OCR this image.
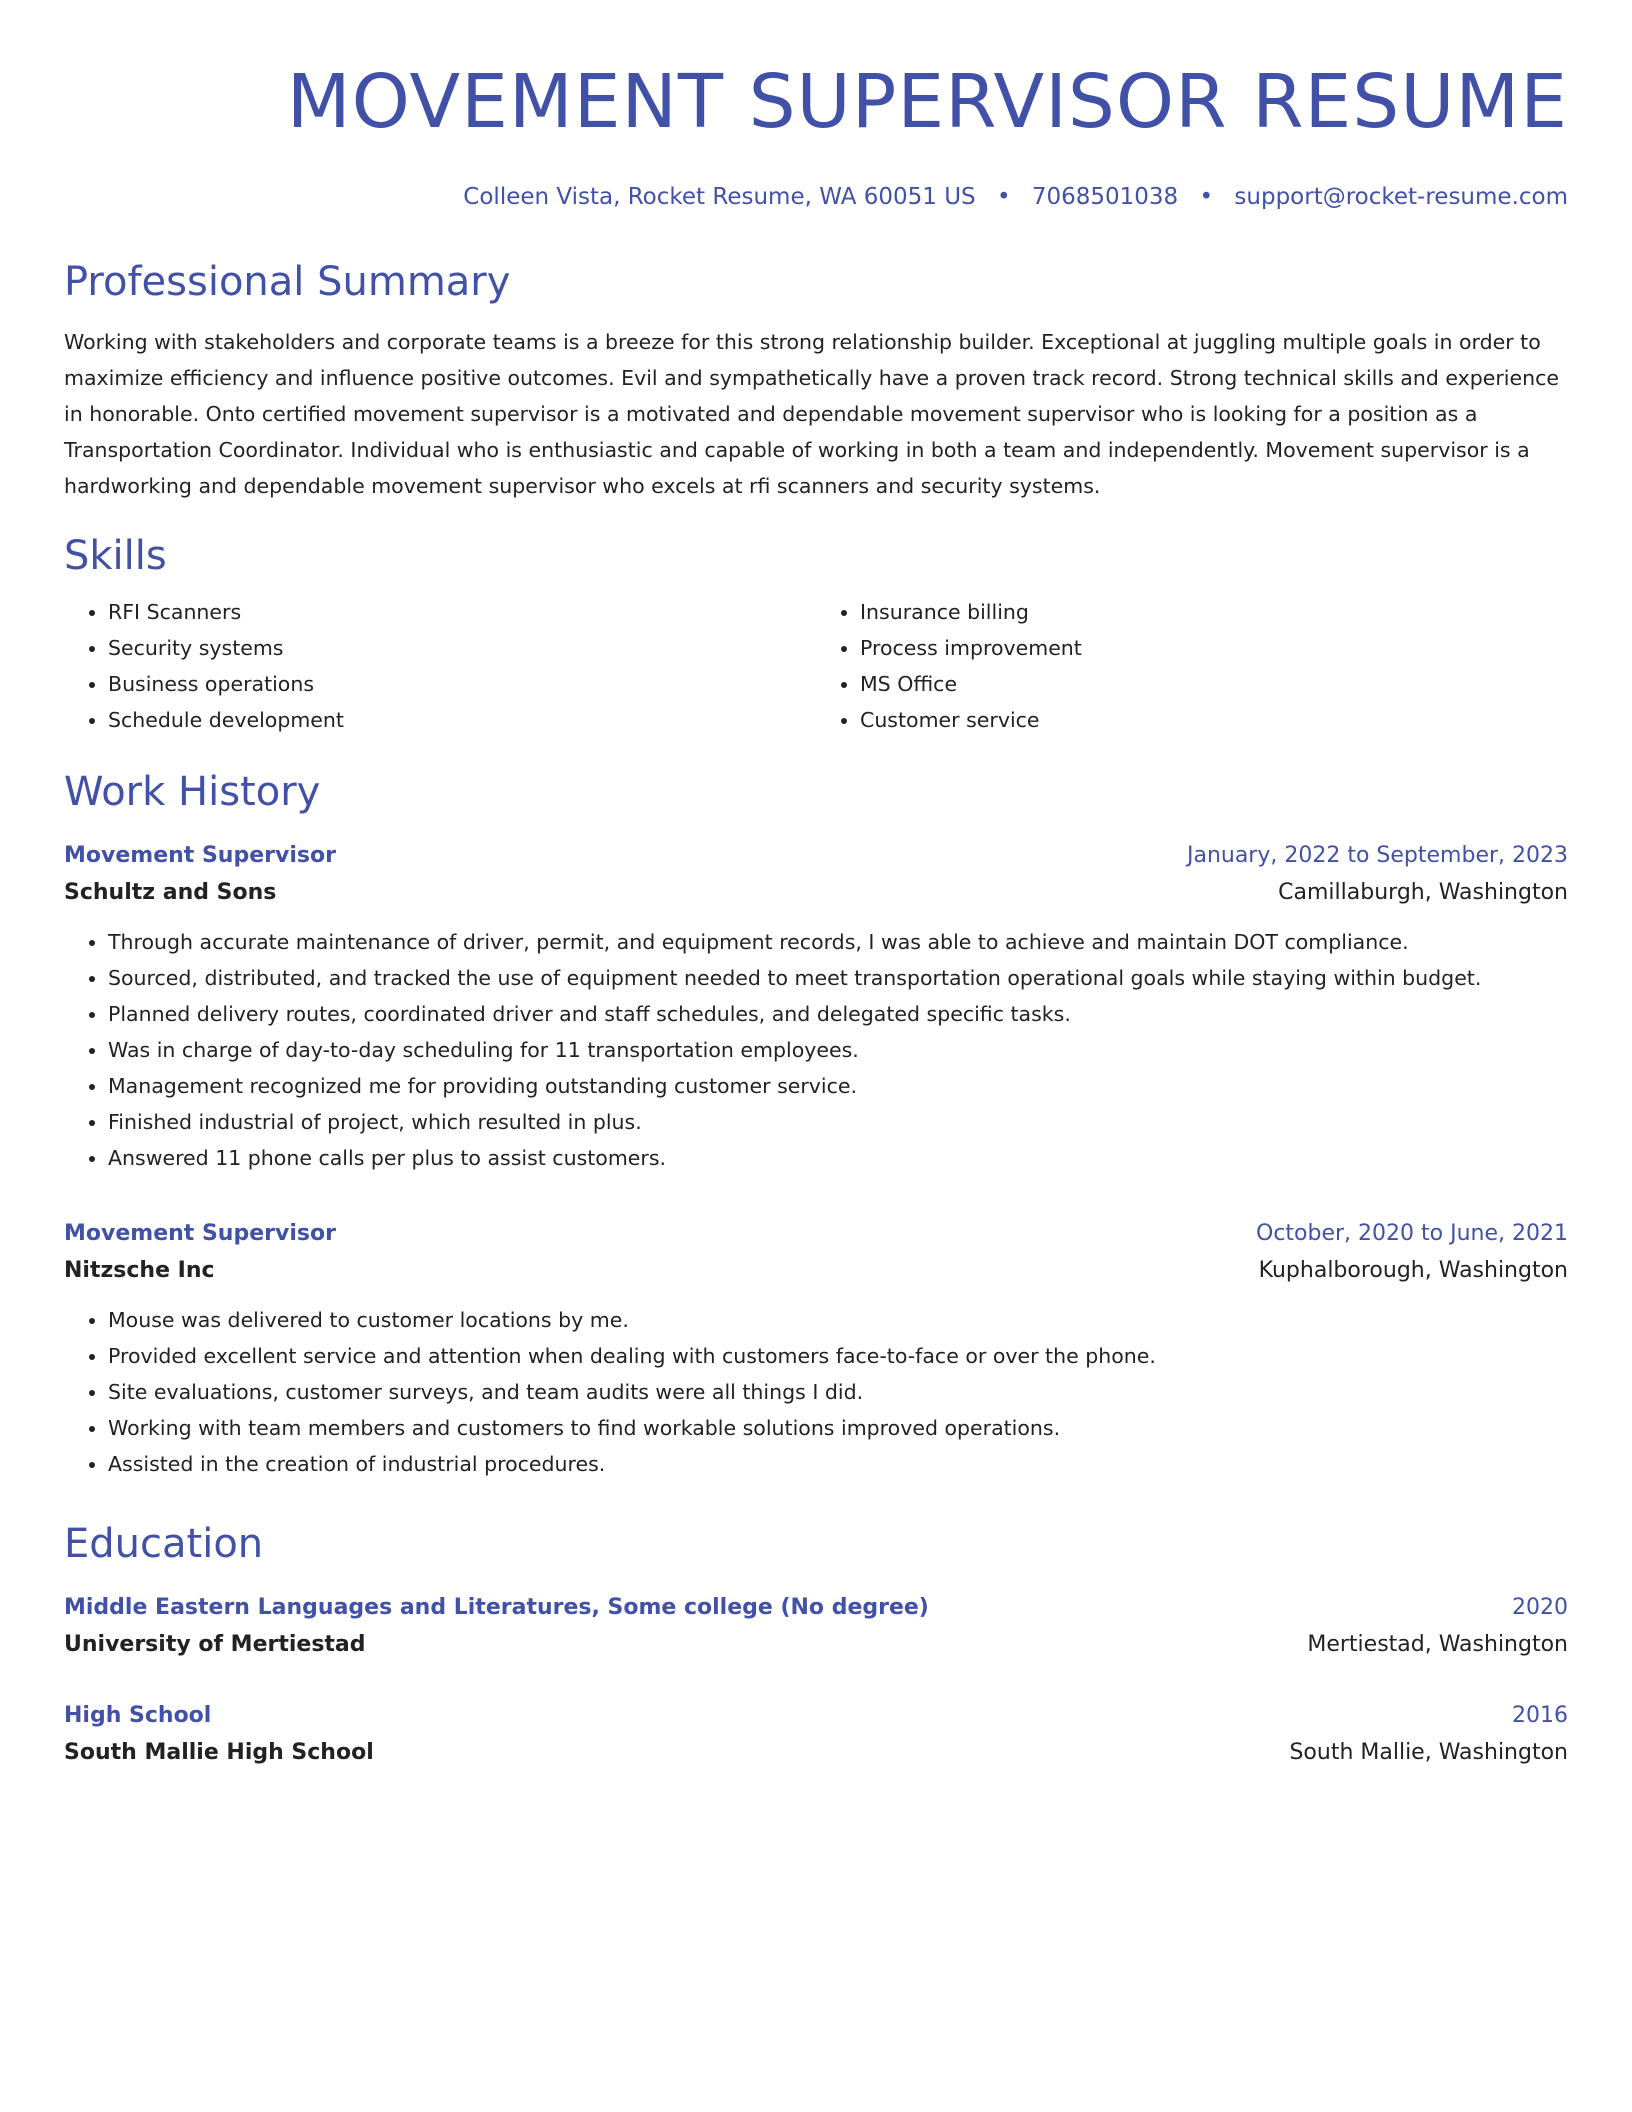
MOVEMENT SUPERVISOR RESUME
Colleen Vista, Rocket Resume, WA 60051 US • 7068501038 • support@rocket-resume.com
Professional Summary

Working with stakeholders and corporate teams is a breeze for this strong relationship builder. Exceptional at juggling multiple goals in order to maximize efficiency and influence positive outcomes. Evil and sympathetically have a proven track record. Strong technical skills and experience in honorable. Onto certified movement supervisor is a motivated and dependable movement supervisor who is looking for a position as a Transportation Coordinator. Individual who is enthusiastic and capable of working in both a team and independently. Movement supervisor is a hardworking and dependable movement supervisor who excels at rfi scanners and security systems.

Skills
• RFI Scanners
• Security systems
• Business operations
• Schedule development
• Insurance billing
• Process improvement
• MS Office
• Customer service
Work History
Movement Supervisor	January, 2022 to September, 2023
Schultz and Sons	Camillaburgh, Washington
• Through accurate maintenance of driver, permit, and equipment records, I was able to achieve and maintain DOT compliance.
• Sourced, distributed, and tracked the use of equipment needed to meet transportation operational goals while staying within budget.
• Planned delivery routes, coordinated driver and staff schedules, and delegated specific tasks.
• Was in charge of day-to-day scheduling for 11 transportation employees.
• Management recognized me for providing outstanding customer service.
• Finished industrial of project, which resulted in plus.
• Answered 11 phone calls per plus to assist customers.
Movement Supervisor	October, 2020 to June, 2021
Nitzsche Inc	Kuphalborough, Washington
• Mouse was delivered to customer locations by me.
• Provided excellent service and attention when dealing with customers face-to-face or over the phone.
• Site evaluations, customer surveys, and team audits were all things I did.
• Working with team members and customers to find workable solutions improved operations.
• Assisted in the creation of industrial procedures.
Education
Middle Eastern Languages and Literatures, Some college (No degree)	2020
University of Mertiestad	Mertiestad, Washington
High School	2016
South Mallie High School	South Mallie, Washington
